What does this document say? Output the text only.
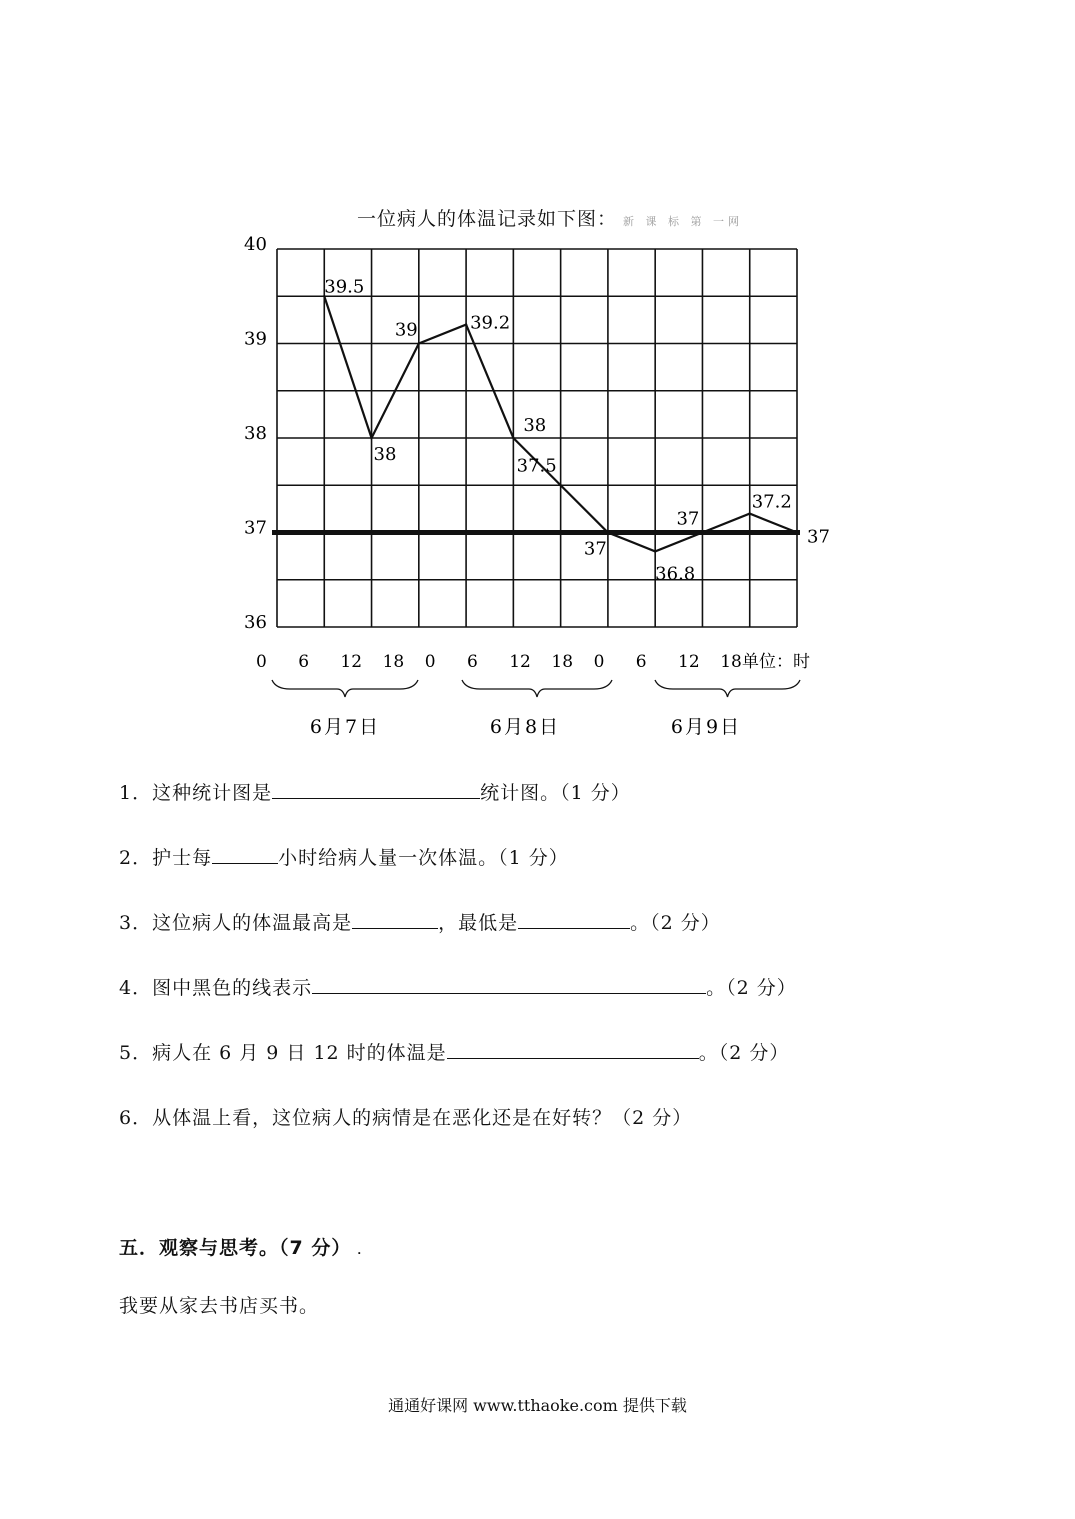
一位病人的体温记录如下图： 新 课 标 第 一网
40
39
38
37
36
0 6 12 18 0 6 12 18 0 6 12 18 单位：时
6月7日	6月8日	6月9日
39.5
38
39	39.2
38
37.5
37
36.8
37
37.2
37
1．这种统计图是	统计图。（1 分）
2．护士每	小时给病人量一次体温。（1 分）
3．这位病人的体温最高是	，最低是	。（2 分）
4．图中黑色的线表示	。（2 分）
5．病人在 6 月 9 日 12 时的体温是	。（2 分）
6．从体温上看，这位病人的病情是在恶化还是在好转？（2 分）
五．观察与思考。（7 分） .
我要从家去书店买书。
通通好课网 www.tthaoke.com 提供下载
